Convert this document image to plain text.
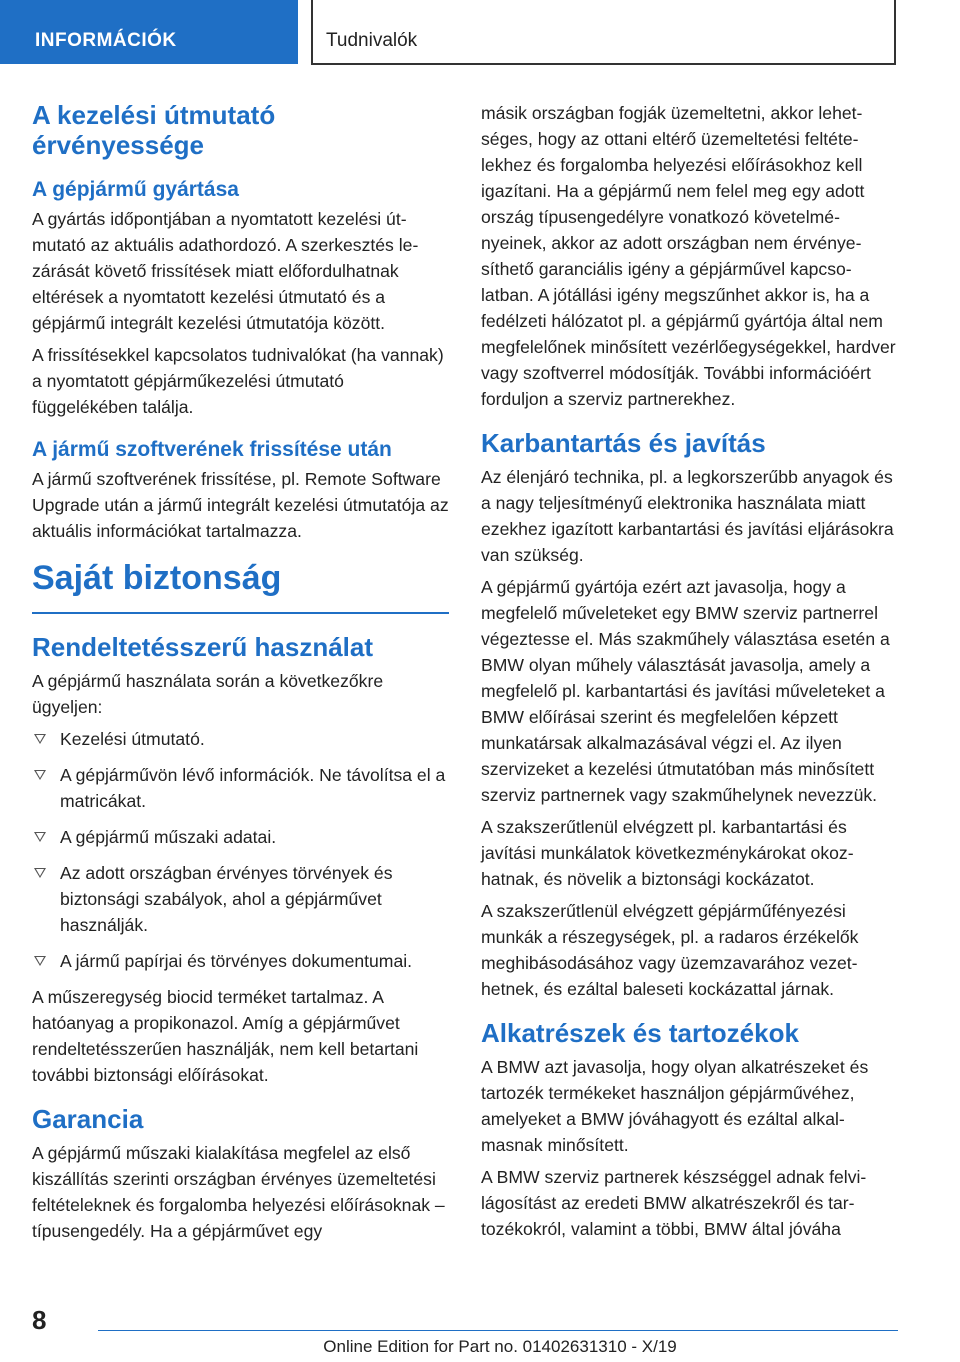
INFORMÁCIÓK	Tudnivalók
A kezelési útmutató
érvényessége
A gépjármű gyártása

A gyártás időpontjában a nyomtatott kezelési útmutató az aktuális adathordozó. A szerkesztés lezárását követő frissítések miatt előfordulhatnak eltérések a nyomtatott kezelési útmutató és a gépjármű integrált kezelési útmutatója között.

A frissítésekkel kapcsolatos tudnivalókat (ha vannak) a nyomtatott gépjárműkezelési útmutató függelékében találja.

A jármű szoftverének frissítése után

A jármű szoftverének frissítése, pl. Remote Software Upgrade után a jármű integrált kezelési útmutatója az aktuális információkat tartalmazza.

Saját biztonság
Rendeltetésszerű használat

A gépjármű használata során a következőkre ügyeljen:

Kezelési útmutató.
A gépjárművön lévő információk. Ne távolítsa el a matricákat.
A gépjármű műszaki adatai.
Az adott országban érvényes törvények és biztonsági szabályok, ahol a gépjárművet használják.
A jármű papírjai és törvényes dokumentumai.

A műszeregység biocid terméket tartalmaz. A hatóanyag a propikonazol. Amíg a gépjárművet rendeltetésszerűen használják, nem kell betartani további biztonsági előírásokat.

Garancia

A gépjármű műszaki kialakítása megfelel az első kiszállítás szerinti országban érvényes üzemeltetési feltételeknek és forgalomba helyezési előírásoknak – típusengedély. Ha a gépjárművet egy

másik országban fogják üzemeltetni, akkor lehetséges, hogy az ottani eltérő üzemeltetési feltételekhez és forgalomba helyezési előírásokhoz kell igazítani. Ha a gépjármű nem felel meg egy adott ország típusengedélyre vonatkozó követelményeinek, akkor az adott országban nem érvényesíthető garanciális igény a gépjárművel kapcsolatban. A jótállási igény megszűnhet akkor is, ha a fedélzeti hálózatot pl. a gépjármű gyártója által nem megfelelőnek minősített vezérlőegységekkel, hardver vagy szoftverrel módosítják. További információért forduljon a szerviz partnerekhez.

Karbantartás és javítás

Az élenjáró technika, pl. a legkorszerűbb anyagok és a nagy teljesítményű elektronika használata miatt ezekhez igazított karbantartási és javítási eljárásokra van szükség.

A gépjármű gyártója ezért azt javasolja, hogy a megfelelő műveleteket egy BMW szerviz partnerrel végeztesse el. Más szakműhely választása esetén a BMW olyan műhely választását javasolja, amely a megfelelő pl. karbantartási és javítási műveleteket a BMW előírásai szerint és megfelelően képzett munkatársak alkalmazásával végzi el. Az ilyen szervizeket a kezelési útmutatóban más minősített szerviz partnernek vagy szakműhelynek nevezzük.

A szakszerűtlenül elvégzett pl. karbantartási és javítási munkálatok következménykárokat okozhatnak, és növelik a biztonsági kockázatot.

A szakszerűtlenül elvégzett gépjárműfényezési munkák a részegységek, pl. a radaros érzékelők meghibásodásához vagy üzemzavarához vezethetnek, és ezáltal baleseti kockázattal járnak.

Alkatrészek és tartozékok

A BMW azt javasolja, hogy olyan alkatrészeket és tartozék termékeket használjon gépjárművéhez, amelyeket a BMW jóváhagyott és ezáltal alkalmasnak minősített.

A BMW szerviz partnerek készséggel adnak felvilágosítást az eredeti BMW alkatrészekről és tartozékokról, valamint a többi, BMW által jóváha

8
Online Edition for Part no. 01402631310 - X/19
